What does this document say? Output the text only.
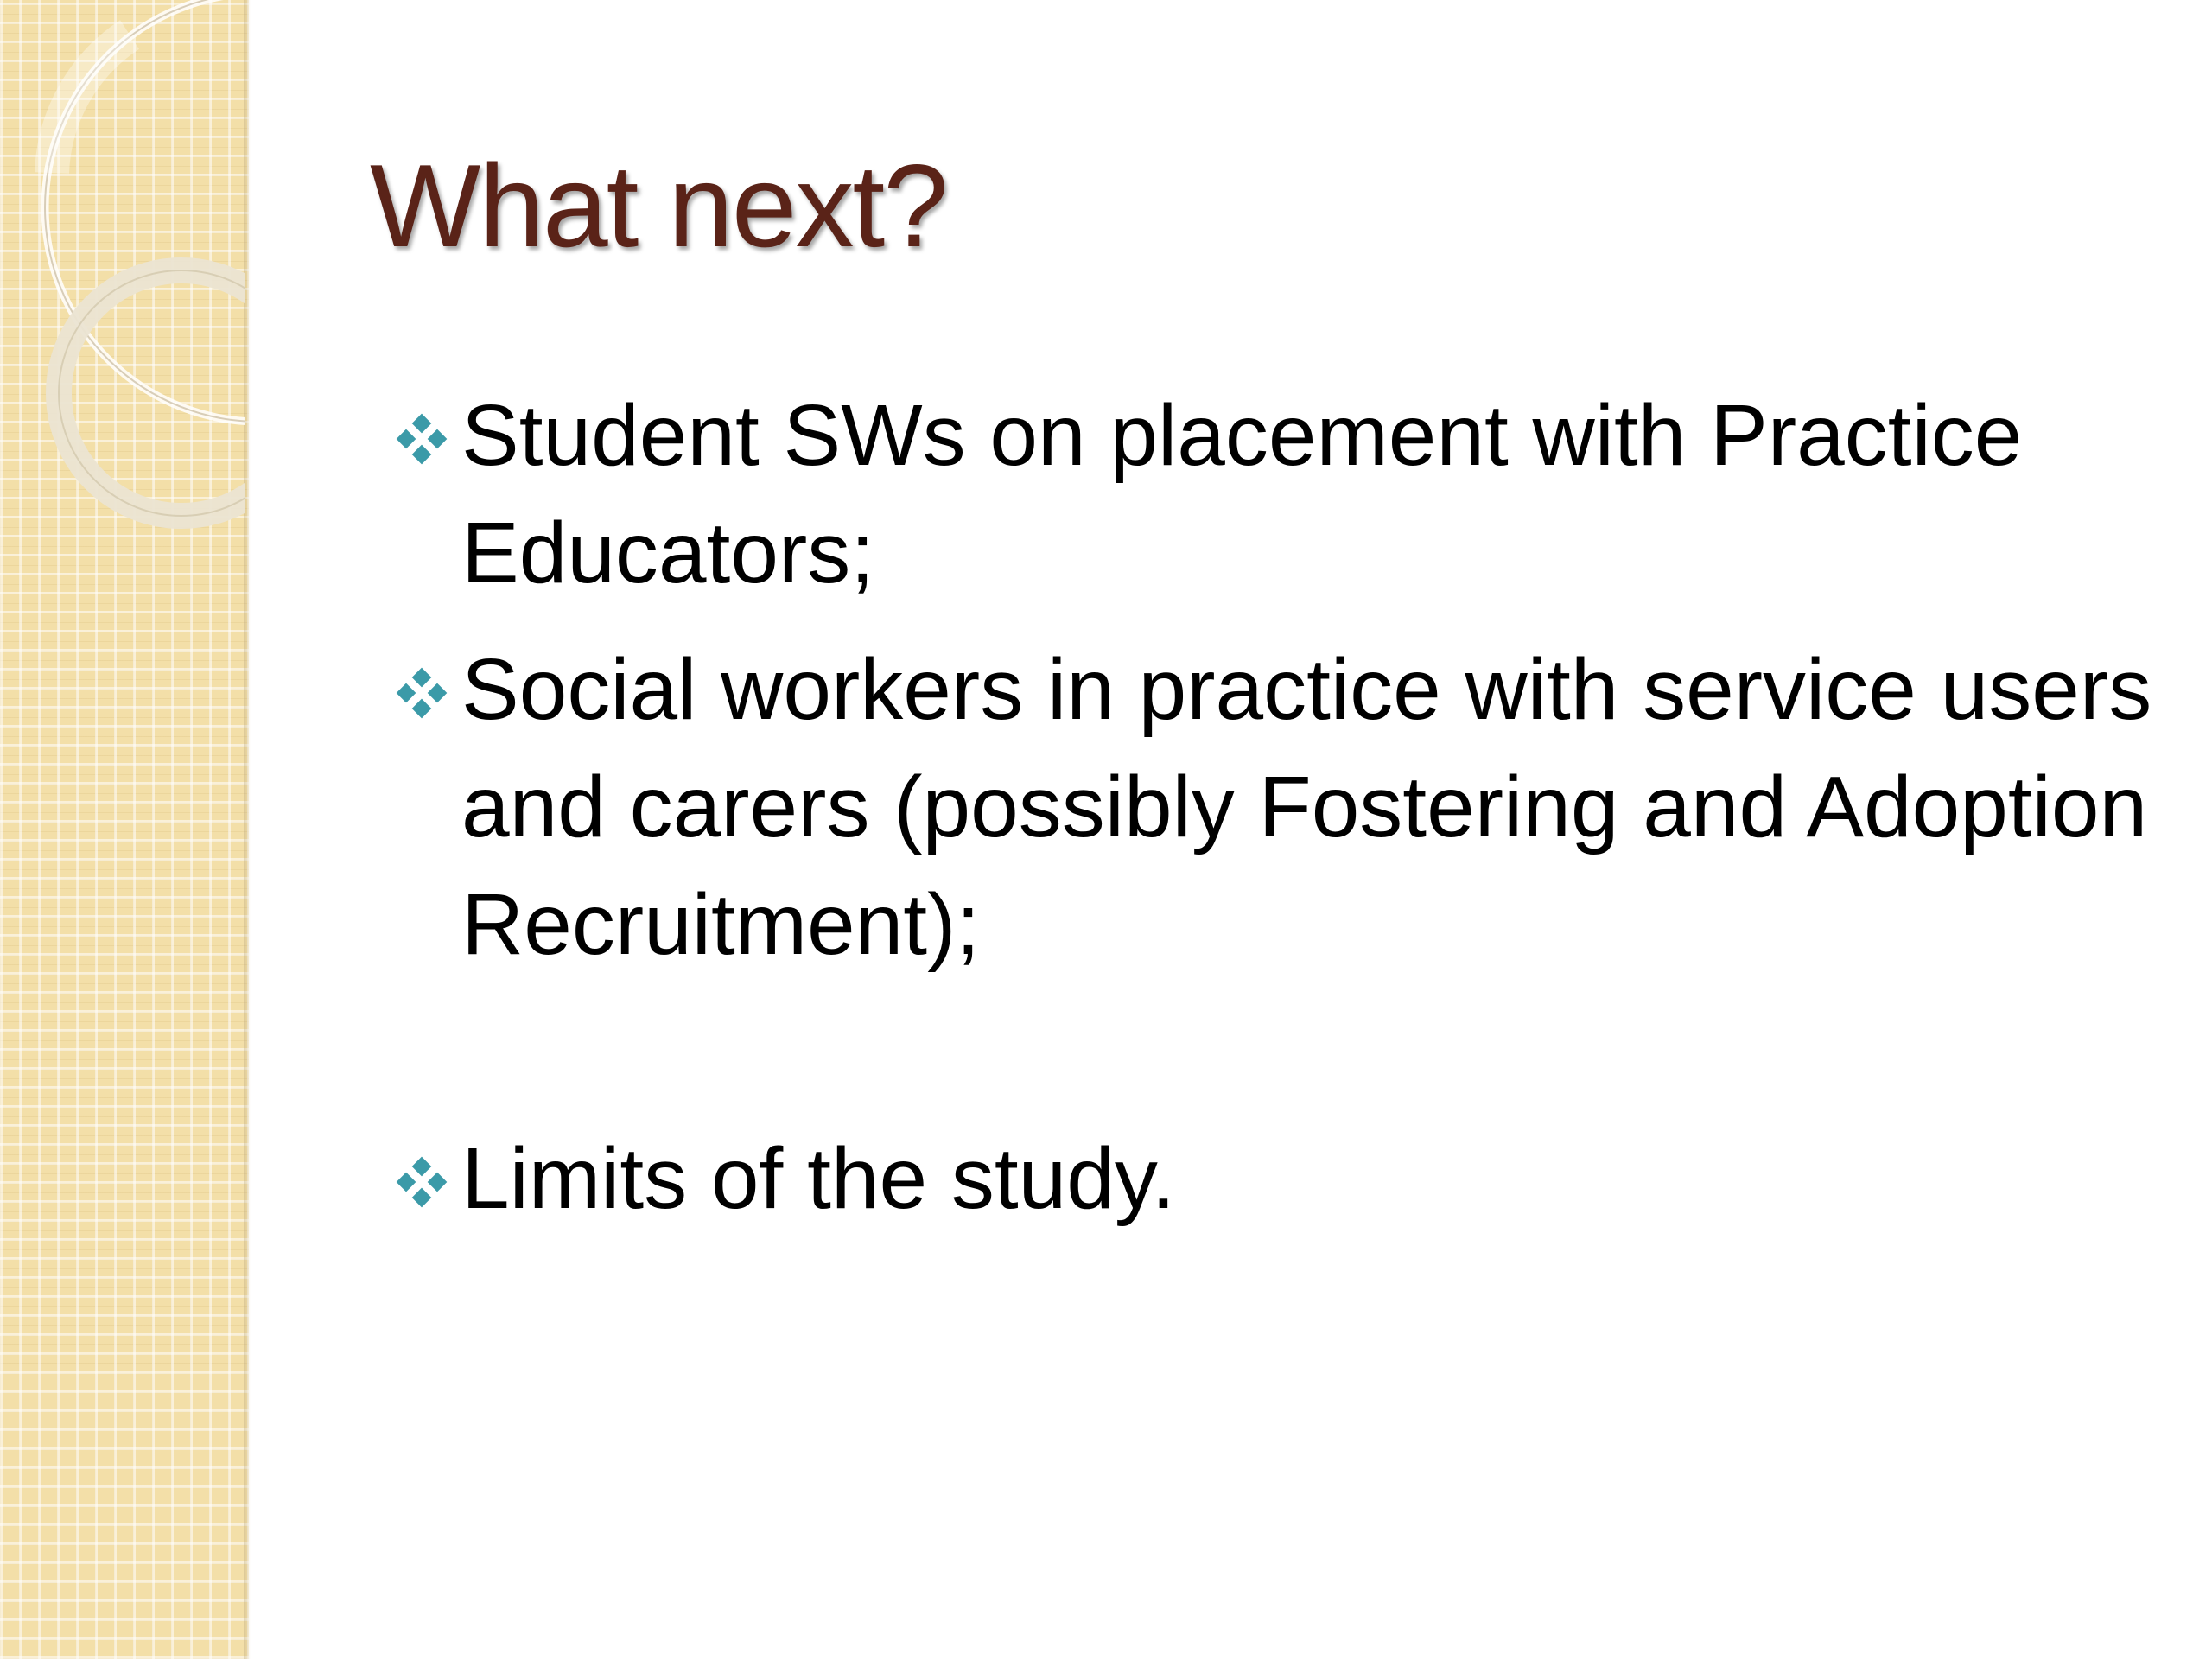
What next?
Student SWs on placement with Practice Educators;
Social workers in practice with service users and carers (possibly Fostering and Adoption Recruitment);
Limits of the study.
